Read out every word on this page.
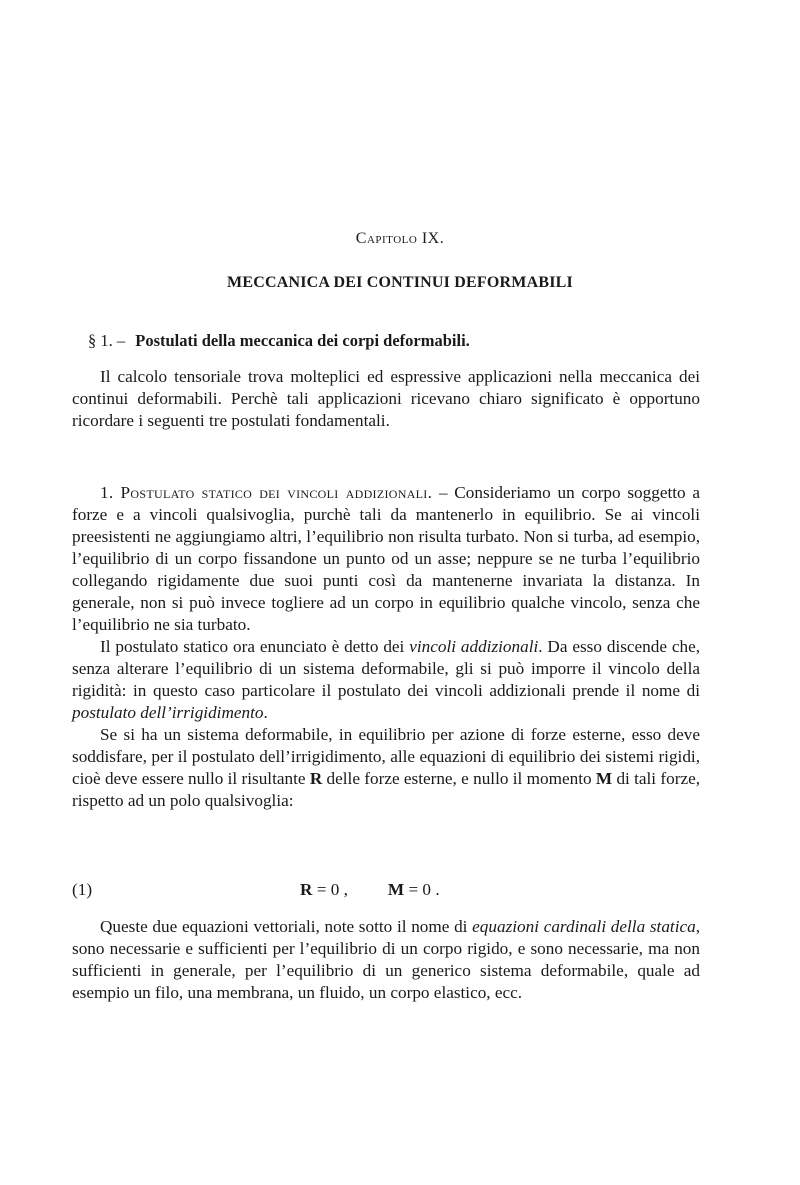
Capitolo IX.
MECCANICA DEI CONTINUI DEFORMABILI
§ 1. – Postulati della meccanica dei corpi deformabili.

Il calcolo tensoriale trova molteplici ed espressive applicazioni nella meccanica dei continui deformabili. Perchè tali applicazioni ricevano chiaro significato è opportuno ricordare i seguenti tre postulati fondamentali.

1. Postulato statico dei vincoli addizionali. – Consideriamo un corpo soggetto a forze e a vincoli qualsivoglia, purchè tali da mantenerlo in equilibrio. Se ai vincoli preesistenti ne aggiungiamo altri, l’equilibrio non risulta turbato. Non si turba, ad esempio, l’equilibrio di un corpo fissandone un punto od un asse; neppure se ne turba l’equilibrio collegando rigidamente due suoi punti così da mantenerne invariata la distanza. In generale, non si può invece togliere ad un corpo in equilibrio qualche vincolo, senza che l’equilibrio ne sia turbato.

Il postulato statico ora enunciato è detto dei vincoli addizionali. Da esso discende che, senza alterare l’equilibrio di un sistema deformabile, gli si può imporre il vincolo della rigidità: in questo caso particolare il postulato dei vincoli addizionali prende il nome di postulato dell’irrigidimento.

Se si ha un sistema deformabile, in equilibrio per azione di forze esterne, esso deve soddisfare, per il postulato dell’irrigidimento, alle equazioni di equilibrio dei sistemi rigidi, cioè deve essere nullo il risultante R delle forze esterne, e nullo il momento M di tali forze, rispetto ad un polo qualsivoglia:

(1)	R = 0 , M = 0 .

Queste due equazioni vettoriali, note sotto il nome di equazioni cardinali della statica, sono necessarie e sufficienti per l’equilibrio di un corpo rigido, e sono necessarie, ma non sufficienti in generale, per l’equilibrio di un generico sistema deformabile, quale ad esempio un filo, una membrana, un fluido, un corpo elastico, ecc.
